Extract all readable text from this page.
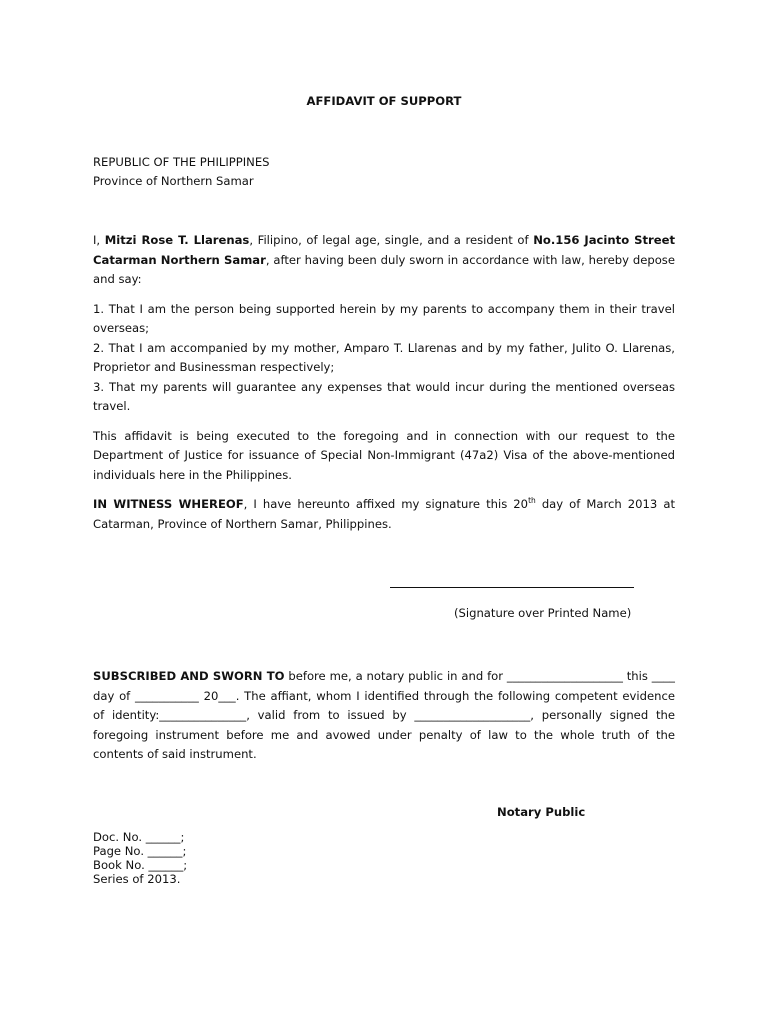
AFFIDAVIT OF SUPPORT
REPUBLIC OF THE PHILIPPINES
Province of Northern Samar

I, Mitzi Rose T. Llarenas, Filipino, of legal age, single, and a resident of No.156 Jacinto Street Catarman Northern Samar, after having been duly sworn in accordance with law, hereby depose and say:

1. That I am the person being supported herein by my parents to accompany them in their travel overseas;

2. That I am accompanied by my mother, Amparo T. Llarenas and by my father, Julito O. Llarenas, Proprietor and Businessman respectively;

3. That my parents will guarantee any expenses that would incur during the mentioned overseas travel.

This affidavit is being executed to the foregoing and in connection with our request to the Department of Justice for issuance of Special Non-Immigrant (47a2) Visa of the above-mentioned individuals here in the Philippines.

IN WITNESS WHEREOF, I have hereunto affixed my signature this 20th day of March 2013 at Catarman, Province of Northern Samar, Philippines.

(Signature over Printed Name)
SUBSCRIBED AND SWORN TO before me, a notary public in and for ____________________ this ____ day of ___________ 20___. The affiant, whom I identified through the following competent evidence of identity:_______________, valid from to issued by ____________________, personally signed the foregoing instrument before me and avowed under penalty of law to the whole truth of the contents of said instrument.
Notary Public
Doc. No. ______;
Page No. ______;
Book No. ______;
Series of 2013.
